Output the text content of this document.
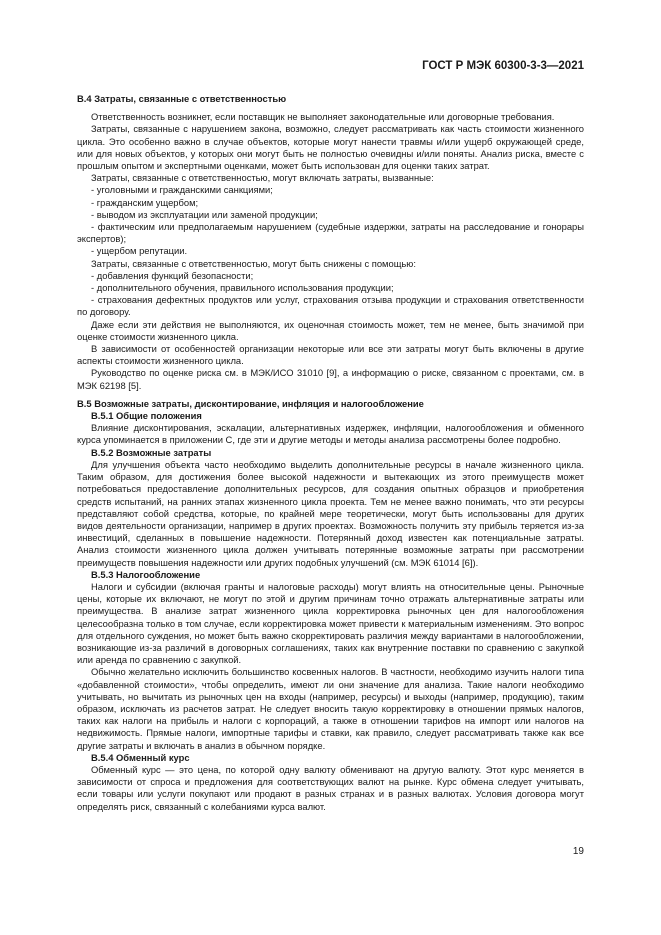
ГОСТ Р МЭК 60300-3-3—2021

B.4 Затраты, связанные с ответственностью

Ответственность возникнет, если поставщик не выполняет законодательные или договорные требования.

Затраты, связанные с нарушением закона, возможно, следует рассматривать как часть стоимости жизненного цикла. Это особенно важно в случае объектов, которые могут нанести травмы и/или ущерб окружающей среде, или для новых объектов, у которых они могут быть не полностью очевидны и/или поняты. Анализ риска, вместе с прошлым опытом и экспертными оценками, может быть использован для оценки таких затрат.

Затраты, связанные с ответственностью, могут включать затраты, вызванные:

- уголовными и гражданскими санкциями;

- гражданским ущербом;

- выводом из эксплуатации или заменой продукции;

- фактическим или предполагаемым нарушением (судебные издержки, затраты на расследование и гонорары экспертов);

- ущербом репутации.

Затраты, связанные с ответственностью, могут быть снижены с помощью:

- добавления функций безопасности;

- дополнительного обучения, правильного использования продукции;

- страхования дефектных продуктов или услуг, страхования отзыва продукции и страхования ответственности по договору.

Даже если эти действия не выполняются, их оценочная стоимость может, тем не менее, быть значимой при оценке стоимости жизненного цикла.

В зависимости от особенностей организации некоторые или все эти затраты могут быть включены в другие аспекты стоимости жизненного цикла.

Руководство по оценке риска см. в МЭК/ИСО 31010 [9], а информацию о риске, связанном с проектами, см. в МЭК 62198 [5].

B.5 Возможные затраты, дисконтирование, инфляция и налогообложение

B.5.1 Общие положения

Влияние дисконтирования, эскалации, альтернативных издержек, инфляции, налогообложения и обменного курса упоминается в приложении С, где эти и другие методы и методы анализа рассмотрены более подробно.

B.5.2 Возможные затраты

Для улучшения объекта часто необходимо выделить дополнительные ресурсы в начале жизненного цикла. Таким образом, для достижения более высокой надежности и вытекающих из этого преимуществ может потребоваться предоставление дополнительных ресурсов, для создания опытных образцов и приобретения средств испытаний, на ранних этапах жизненного цикла проекта. Тем не менее важно понимать, что эти ресурсы представляют собой средства, которые, по крайней мере теоретически, могут быть использованы для других видов деятельности организации, например в других проектах. Возможность получить эту прибыль теряется из-за инвестиций, сделанных в повышение надежности. Потерянный доход известен как потенциальные затраты. Анализ стоимости жизненного цикла должен учитывать потерянные возможные затраты при рассмотрении преимуществ повышения надежности или других подобных улучшений (см. МЭК 61014 [6]).

B.5.3 Налогообложение

Налоги и субсидии (включая гранты и налоговые расходы) могут влиять на относительные цены. Рыночные цены, которые их включают, не могут по этой и другим причинам точно отражать альтернативные затраты или преимущества. В анализе затрат жизненного цикла корректировка рыночных цен для налогообложения целесообразна только в том случае, если корректировка может привести к материальным изменениям. Это вопрос для отдельного суждения, но может быть важно скорректировать различия между вариантами в налогообложении, возникающие из-за различий в договорных соглашениях, таких как внутренние поставки по сравнению с закупкой или аренда по сравнению с закупкой.

Обычно желательно исключить большинство косвенных налогов. В частности, необходимо изучить налоги типа «добавленной стоимости», чтобы определить, имеют ли они значение для анализа. Такие налоги необходимо учитывать, но вычитать из рыночных цен на входы (например, ресурсы) и выходы (например, продукцию), таким образом, исключать из расчетов затрат. Не следует вносить такую корректировку в отношении прямых налогов, таких как налоги на прибыль и налоги с корпораций, а также в отношении тарифов на импорт или налогов на недвижимость. Прямые налоги, импортные тарифы и ставки, как правило, следует рассматривать также как все другие затраты и включать в анализ в обычном порядке.

B.5.4 Обменный курс

Обменный курс — это цена, по которой одну валюту обменивают на другую валюту. Этот курс меняется в зависимости от спроса и предложения для соответствующих валют на рынке. Курс обмена следует учитывать, если товары или услуги покупают или продают в разных странах и в разных валютах. Условия договора могут определять риск, связанный с колебаниями курса валют.

19
